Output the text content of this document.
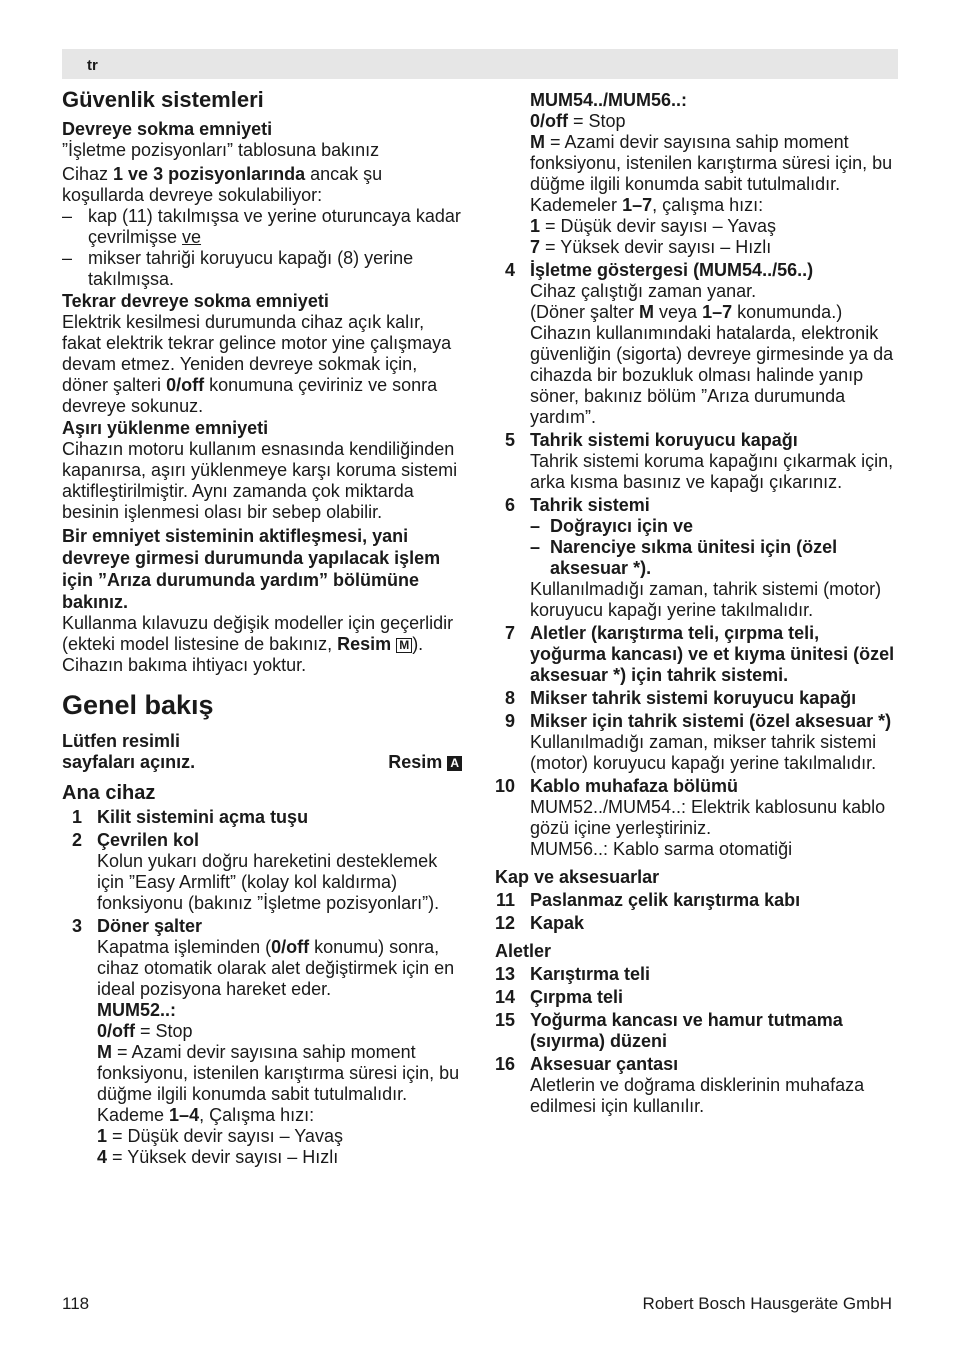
tr

Güvenlik sistemleri

Devreye sokma emniyeti

”İşletme pozisyonları” tablosuna bakınız

Cihaz 1 ve 3 pozisyonlarında ancak şu koşullarda devreye sokulabiliyor:

– kap (11) takılmışsa ve yerine oturuncaya kadar çevrilmişse ve

– mikser tahriği koruyucu kapağı (8) yerine takılmışsa.

Tekrar devreye sokma emniyeti

Elektrik kesilmesi durumunda cihaz açık kalır, fakat elektrik tekrar gelince motor yine çalışmaya devam etmez. Yeniden devreye sokmak için, döner şalteri 0/off konumuna çeviriniz ve sonra devreye sokunuz.

Aşırı yüklenme emniyeti

Cihazın motoru kullanım esnasında kendiliğinden kapanırsa, aşırı yüklenmeye karşı koruma sistemi aktifleştirilmiştir. Aynı zamanda çok miktarda besinin işlenmesi olası bir sebep olabilir.

Bir emniyet sisteminin aktifleşmesi, yani devreye girmesi durumunda yapılacak işlem için ”Arıza durumunda yardım” bölümüne bakınız.

Kullanma kılavuzu değişik modeller için geçerlidir (ekteki model listesine de bakınız, Resim M ). Cihazın bakıma ihtiyacı yoktur.

Genel bakış

Lütfen resimli

sayfaları açınız.	Resim A

Ana cihaz

1 Kilit sistemini açma tuşu
2 Çevrilen kol

Kolun yukarı doğru hareketini desteklemek için ”Easy Armlift” (kolay kol kaldırma) fonksiyonu (bakınız ”İşletme pozisyonları”).

3 Döner şalter

Kapatma işleminden (0/off konumu) sonra, cihaz otomatik olarak alet değiştirmek için en ideal pozisyona hareket eder.

MUM52..:

0/off = Stop

M = Azami devir sayısına sahip moment fonksiyonu, istenilen karıştırma süresi için, bu düğme ilgili konumda sabit tutulmalıdır.

Kademe 1–4, Çalışma hızı:

1 = Düşük devir sayısı – Yavaş

4 = Yüksek devir sayısı – Hızlı

MUM54../MUM56..:

0/off = Stop

M = Azami devir sayısına sahip moment fonksiyonu, istenilen karıştırma süresi için, bu düğme ilgili konumda sabit tutulmalıdır.

Kademeler 1–7, çalışma hızı:

1 = Düşük devir sayısı – Yavaş

7 = Yüksek devir sayısı – Hızlı

4 İşletme göstergesi (MUM54../56..)

Cihaz çalıştığı zaman yanar.

(Döner şalter M veya 1–7 konumunda.)

Cihazın kullanımındaki hatalarda, elektronik güvenliğin (sigorta) devreye girmesinde ya da cihazda bir bozukluk olması halinde yanıp söner, bakınız bölüm ”Arıza durumunda yardım”.

5 Tahrik sistemi koruyucu kapağı

Tahrik sistemi koruma kapağını çıkarmak için, arka kısma basınız ve kapağı çıkarınız.

6 Tahrik sistemi

– Doğrayıcı için ve

– Narenciye sıkma ünitesi için (özel aksesuar *).

Kullanılmadığı zaman, tahrik sistemi (motor) koruyucu kapağı yerine takılmalıdır.

7 Aletler (karıştırma teli, çırpma teli, yoğurma kancası) ve et kıyma ünitesi (özel aksesuar *) için tahrik sistemi.
8 Mikser tahrik sistemi koruyucu kapağı
9 Mikser için tahrik sistemi (özel aksesuar *)

Kullanılmadığı zaman, mikser tahrik sistemi (motor) koruyucu kapağı yerine takılmalıdır.

10 Kablo muhafaza bölümü

MUM52../MUM54..: Elektrik kablosunu kablo gözü içine yerleştiriniz.

MUM56..: Kablo sarma otomatiği

Kap ve aksesuarlar

11 Paslanmaz çelik karıştırma kabı
12 Kapak

Aletler

13 Karıştırma teli
14 Çırpma teli
15 Yoğurma kancası ve hamur tutmama (sıyırma) düzeni
16 Aksesuar çantası

Aletlerin ve doğrama disklerinin muhafaza edilmesi için kullanılır.

118	Robert Bosch Hausgeräte GmbH
